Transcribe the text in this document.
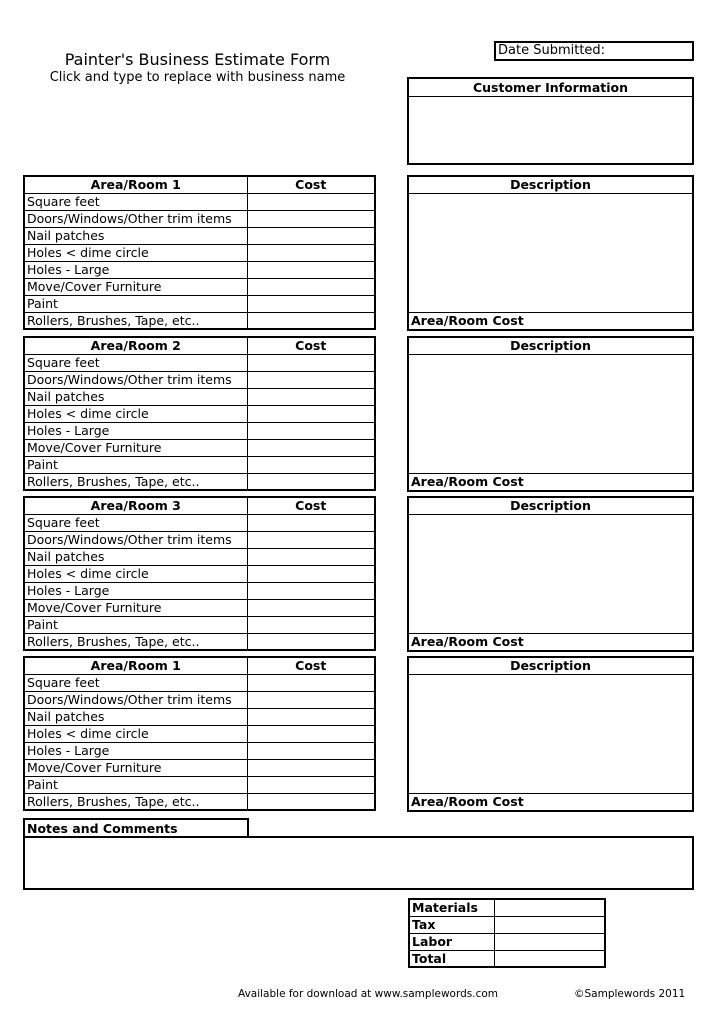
Painter's Business Estimate Form
Click and type to replace with business name
Date Submitted:
Customer Information
Area/Room 1	Cost
Square feet	
Doors/Windows/Other trim items	
Nail patches	
Holes < dime circle	
Holes - Large	
Move/Cover Furniture	
Paint	
Rollers, Brushes, Tape, etc..	
Description
Area/Room Cost
Area/Room 2	Cost
Square feet	
Doors/Windows/Other trim items	
Nail patches	
Holes < dime circle	
Holes - Large	
Move/Cover Furniture	
Paint	
Rollers, Brushes, Tape, etc..	
Description
Area/Room Cost
Area/Room 3	Cost
Square feet	
Doors/Windows/Other trim items	
Nail patches	
Holes < dime circle	
Holes - Large	
Move/Cover Furniture	
Paint	
Rollers, Brushes, Tape, etc..	
Description
Area/Room Cost
Area/Room 1	Cost
Square feet	
Doors/Windows/Other trim items	
Nail patches	
Holes < dime circle	
Holes - Large	
Move/Cover Furniture	
Paint	
Rollers, Brushes, Tape, etc..	
Description
Area/Room Cost
Notes and Comments
Materials	
Tax	
Labor	
Total	
Available for download at www.samplewords.com	©Samplewords 2011
